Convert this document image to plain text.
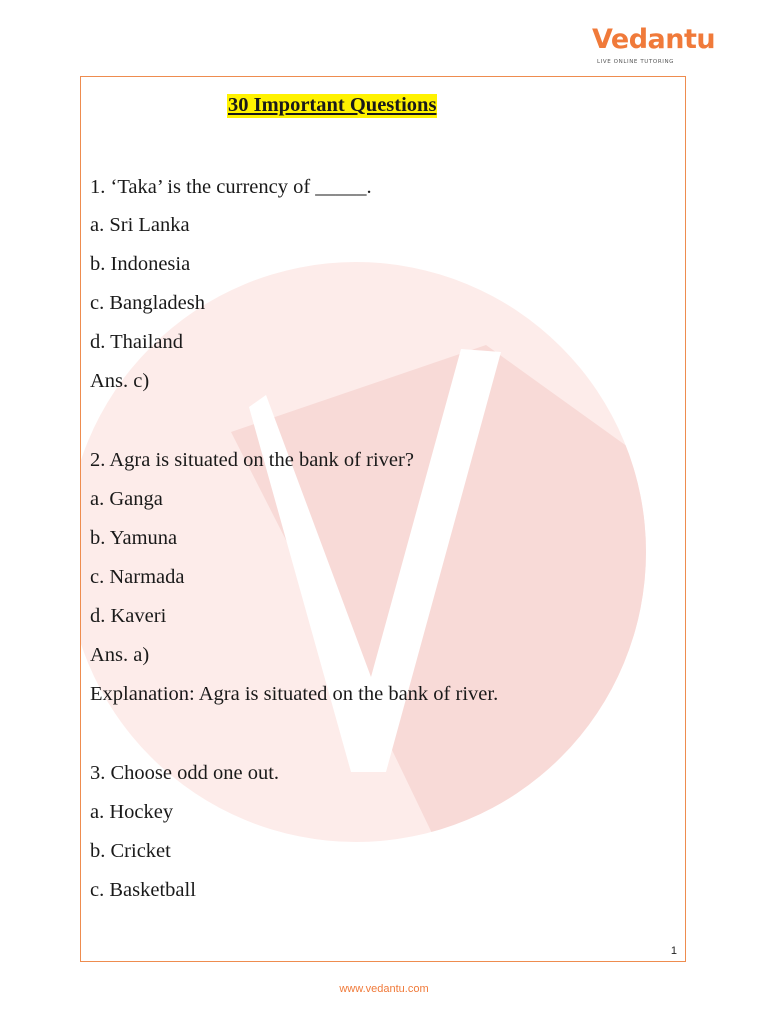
Vedantu
LIVE ONLINE TUTORING
30 Important Questions
1. ‘Taka’ is the currency of _____.
a. Sri Lanka
b. Indonesia
c. Bangladesh
d. Thailand
Ans. c)
2. Agra is situated on the bank of river?
a. Ganga
b. Yamuna
c. Narmada
d. Kaveri
Ans. a)
Explanation: Agra is situated on the bank of river.
3. Choose odd one out.
a. Hockey
b. Cricket
c. Basketball
1
www.vedantu.com
